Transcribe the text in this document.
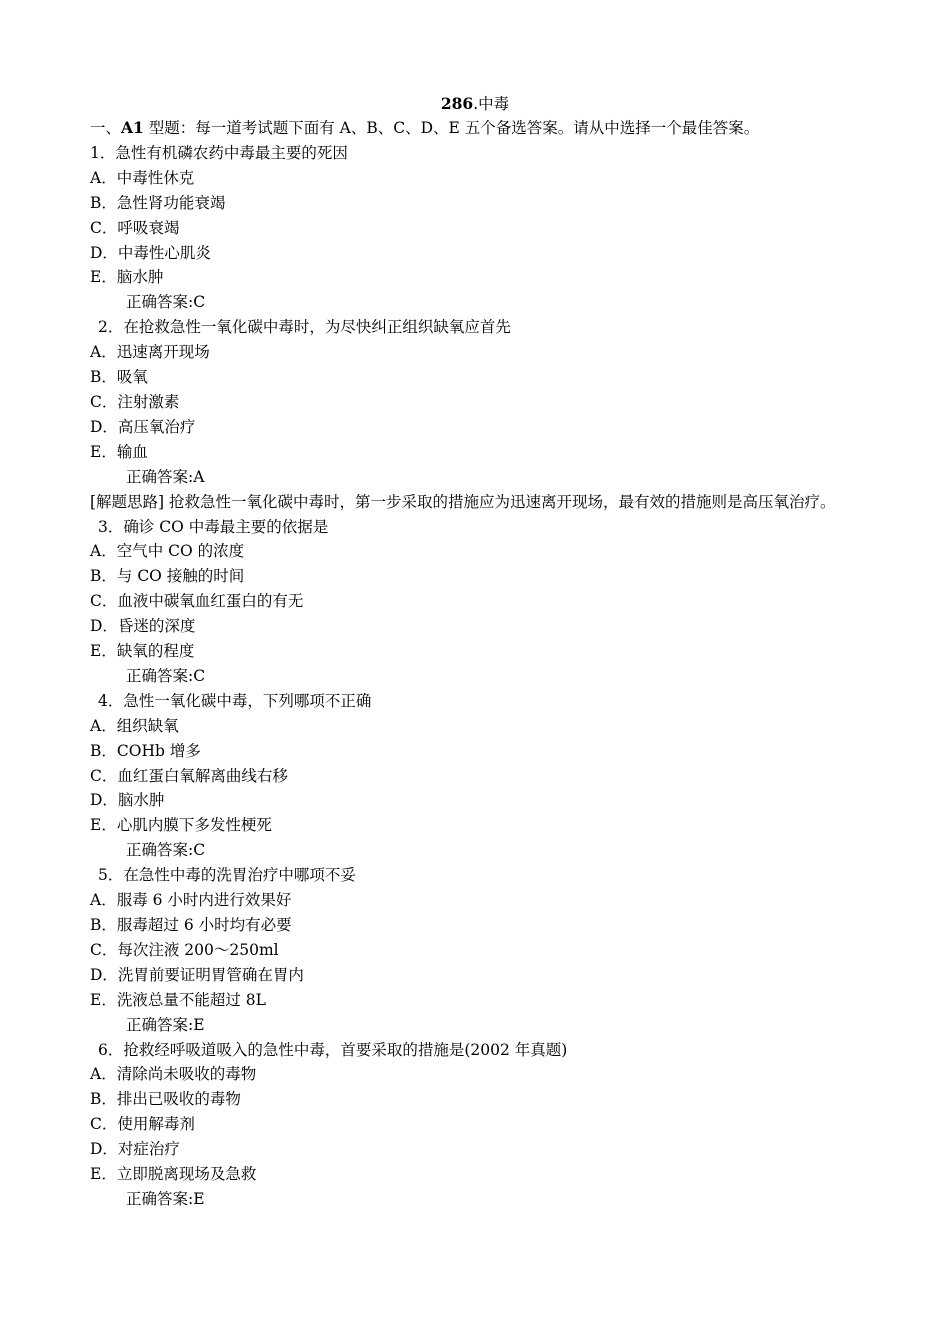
286.中毒
一、A1 型题：每一道考试题下面有 A、B、C、D、E 五个备选答案。请从中选择一个最佳答案。
1．急性有机磷农药中毒最主要的死因
A．中毒性休克
B．急性肾功能衰竭
C．呼吸衰竭
D．中毒性心肌炎
E．脑水肿
正确答案:C
2．在抢救急性一氧化碳中毒时，为尽快纠正组织缺氧应首先
A．迅速离开现场
B．吸氧
C．注射激素
D．高压氧治疗
E．输血
正确答案:A
[解题思路] 抢救急性一氧化碳中毒时，第一步采取的措施应为迅速离开现场，最有效的措施则是高压氧治疗。
3．确诊 CO 中毒最主要的依据是
A．空气中 CO 的浓度
B．与 CO 接触的时间
C．血液中碳氧血红蛋白的有无
D．昏迷的深度
E．缺氧的程度
正确答案:C
4．急性一氧化碳中毒，下列哪项不正确
A．组织缺氧
B．COHb 增多
C．血红蛋白氧解离曲线右移
D．脑水肿
E．心肌内膜下多发性梗死
正确答案:C
5．在急性中毒的洗胃治疗中哪项不妥
A．服毒 6 小时内进行效果好
B．服毒超过 6 小时均有必要
C．每次注液 200～250ml
D．洗胃前要证明胃管确在胃内
E．洗液总量不能超过 8L
正确答案:E
6．抢救经呼吸道吸入的急性中毒，首要采取的措施是(2002 年真题)
A．清除尚未吸收的毒物
B．排出已吸收的毒物
C．使用解毒剂
D．对症治疗
E．立即脱离现场及急救
正确答案:E
